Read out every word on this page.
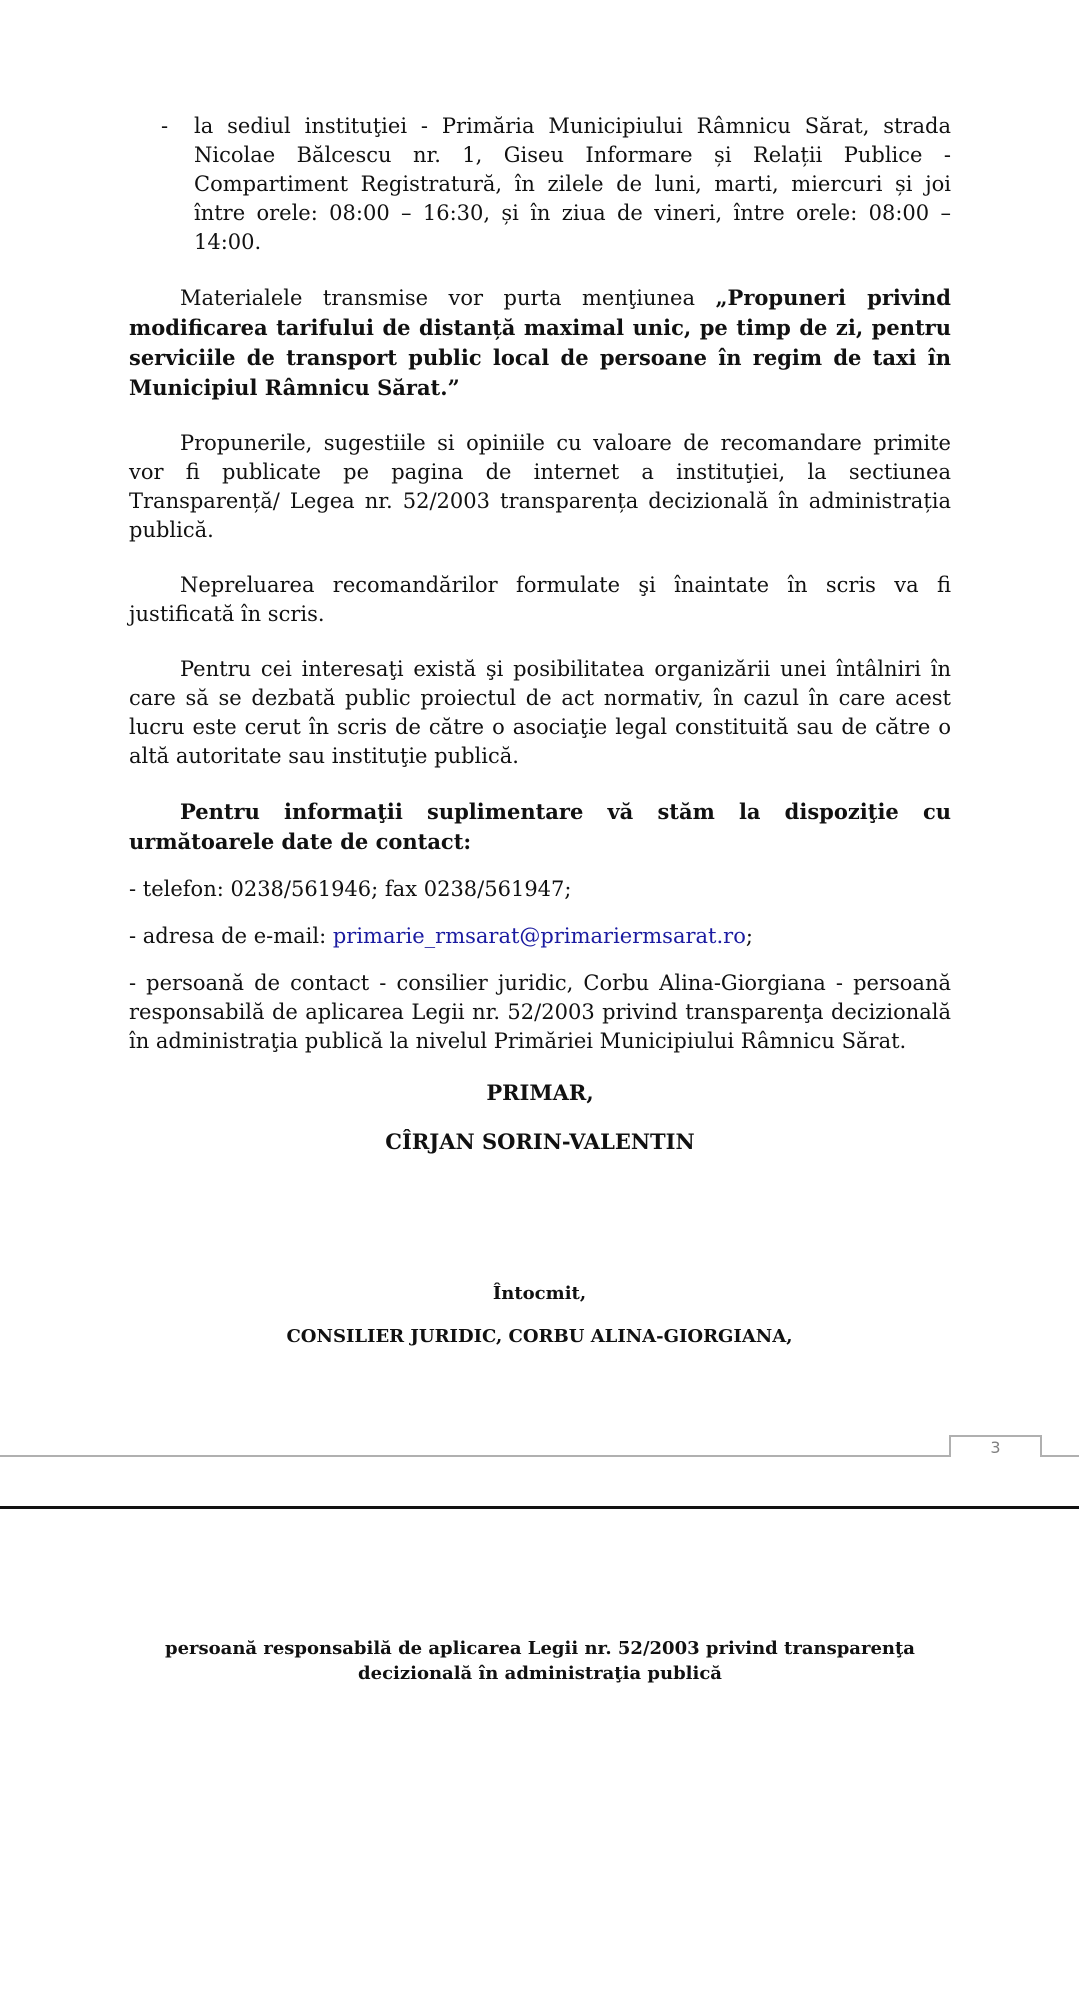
- la sediul instituţiei - Primăria Municipiului Râmnicu Sărat, strada Nicolae Bălcescu nr. 1, Giseu Informare și Relații Publice - Compartiment Registratură, în zilele de luni, marti, miercuri și joi între orele: 08:00 – 16:30, și în ziua de vineri, între orele: 08:00 – 14:00.

Materialele transmise vor purta menţiunea „Propuneri privind modificarea tarifului de distanță maximal unic, pe timp de zi, pentru serviciile de transport public local de persoane în regim de taxi în Municipiul Râmnicu Sărat.”

Propunerile, sugestiile si opiniile cu valoare de recomandare primite vor fi publicate pe pagina de internet a instituţiei, la sectiunea Transparență/ Legea nr. 52/2003 transparența decizională în administrația publică.

Nepreluarea recomandărilor formulate şi înaintate în scris va fi justificată în scris.

Pentru cei interesaţi există şi posibilitatea organizării unei întâlniri în care să se dezbată public proiectul de act normativ, în cazul în care acest lucru este cerut în scris de către o asociaţie legal constituită sau de către o altă autoritate sau instituţie publică.

Pentru informaţii suplimentare vă stăm la dispoziţie cu următoarele date de contact:

- telefon: 0238/561946; fax 0238/561947;

- adresa de e-mail: primarie_rmsarat@primariermsarat.ro;

- persoană de contact - consilier juridic, Corbu Alina-Giorgiana - persoană responsabilă de aplicarea Legii nr. 52/2003 privind transparenţa decizională în administraţia publică la nivelul Primăriei Municipiului Râmnicu Sărat.

PRIMAR,
CÎRJAN SORIN-VALENTIN
Întocmit,
CONSILIER JURIDIC, CORBU ALINA-GIORGIANA,
3
persoană responsabilă de aplicarea Legii nr. 52/2003 privind transparenţa decizională în administraţia publică
